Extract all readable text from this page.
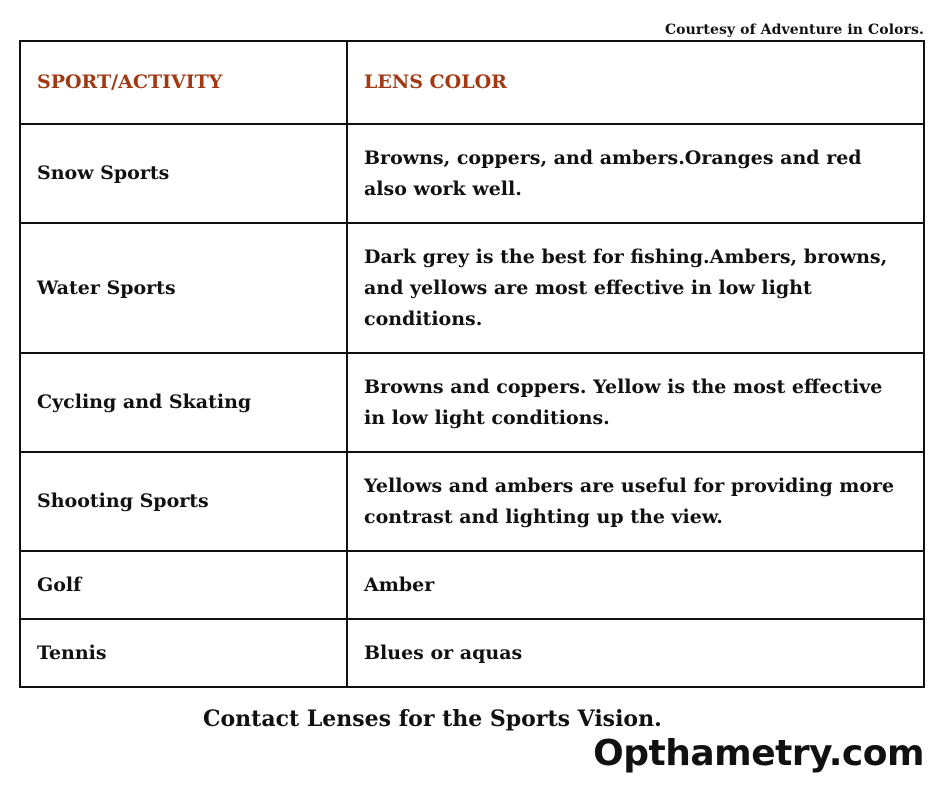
Courtesy of Adventure in Colors.
SPORT/ACTIVITY	LENS COLOR
Snow Sports	Browns, coppers, and ambers.Oranges and red also work well.
Water Sports	Dark grey is the best for fishing.Ambers, browns, and yellows are most effective in low light conditions.
Cycling and Skating	Browns and coppers. Yellow is the most effective in low light conditions.
Shooting Sports	Yellows and ambers are useful for providing more contrast and lighting up the view.
Golf	Amber
Tennis	Blues or aquas
Contact Lenses for the Sports Vision.
Opthametry.com
